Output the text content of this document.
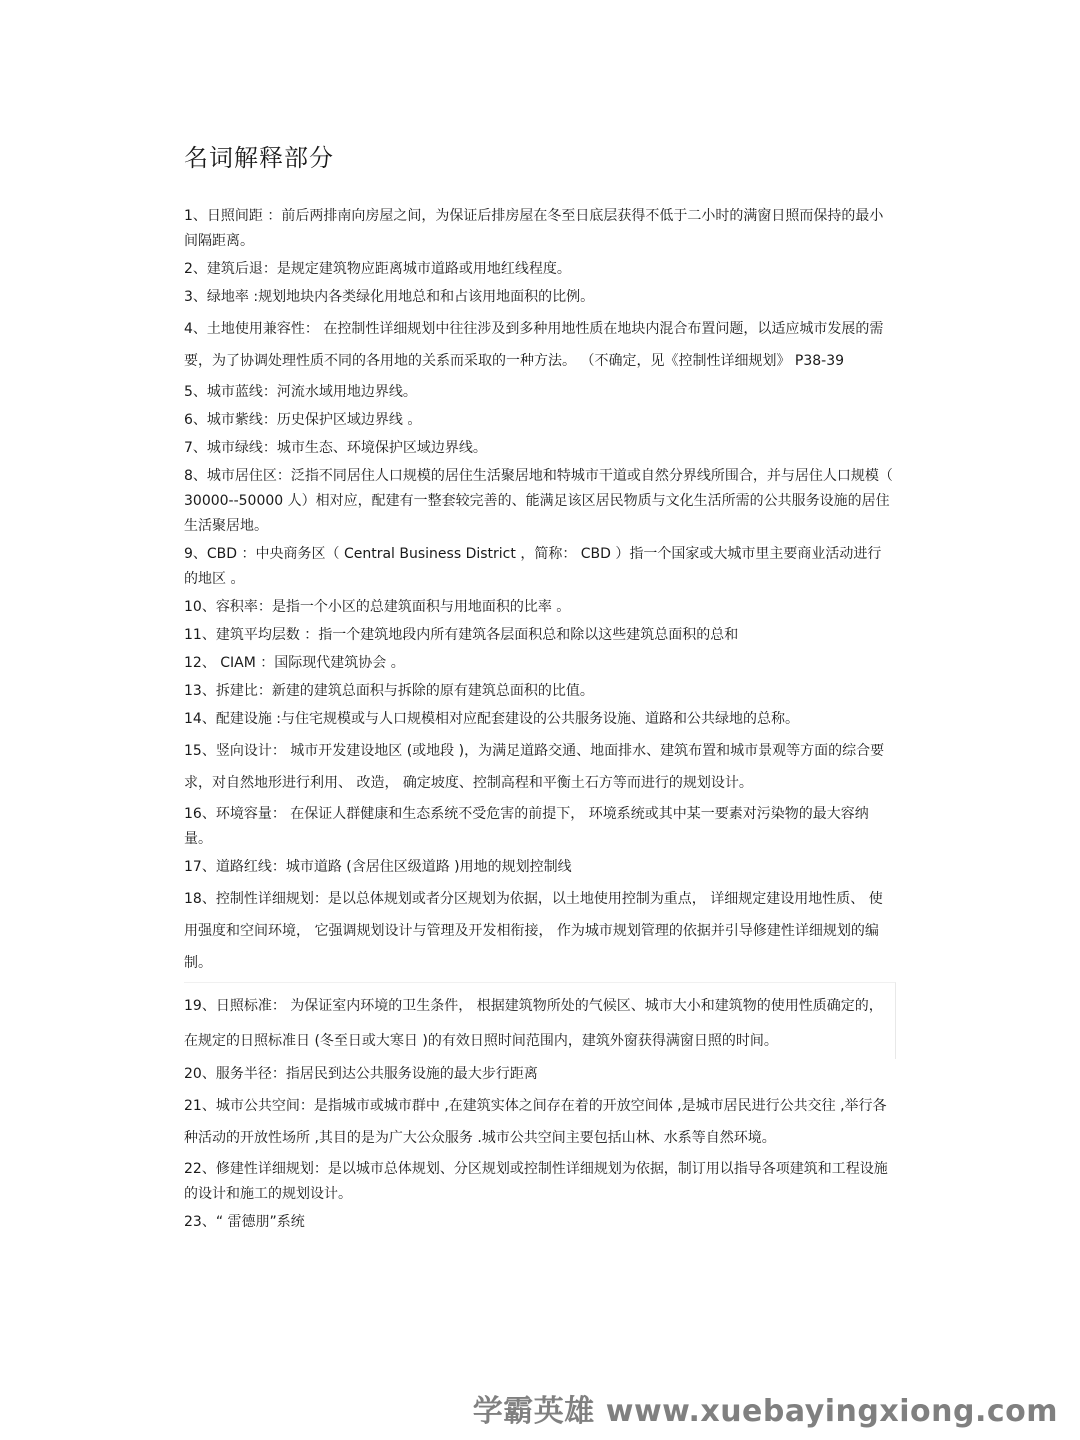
名词解释部分
1、日照间距 ：前后两排南向房屋之间，为保证后排房屋在冬至日底层获得不低于二小时的满窗日照而保持的最小间隔距离。
2、建筑后退：是规定建筑物应距离城市道路或用地红线程度。
3、绿地率 :规划地块内各类绿化用地总和和占该用地面积的比例。
4、土地使用兼容性： 在控制性详细规划中往往涉及到多种用地性质在地块内混合布置问题，以适应城市发展的需要，为了协调处理性质不同的各用地的关系而采取的一种方法。 （不确定，见《控制性详细规划》 P38-39
5、城市蓝线：河流水域用地边界线。
6、城市紫线：历史保护区域边界线 。
7、城市绿线：城市生态、环境保护区域边界线。
8、城市居住区：泛指不同居住人口规模的居住生活聚居地和特城市干道或自然分界线所围合，并与居住人口规模（ 30000--50000 人）相对应，配建有一整套较完善的、能满足该区居民物质与文化生活所需的公共服务设施的居住生活聚居地。
9、CBD ：中央商务区（ Central Business District ，简称： CBD ）指一个国家或大城市里主要商业活动进行的地区 。
10、容积率：是指一个小区的总建筑面积与用地面积的比率 。
11、建筑平均层数 ：指一个建筑地段内所有建筑各层面积总和除以这些建筑总面积的总和
12、 CIAM ：国际现代建筑协会 。
13、拆建比：新建的建筑总面积与拆除的原有建筑总面积的比值。
14、配建设施 :与住宅规模或与人口规模相对应配套建设的公共服务设施、道路和公共绿地的总称。
15、竖向设计： 城市开发建设地区 (或地段 )，为满足道路交通、地面排水、建筑布置和城市景观等方面的综合要求，对自然地形进行利用、 改造， 确定坡度、控制高程和平衡土石方等而进行的规划设计。
16、环境容量： 在保证人群健康和生态系统不受危害的前提下， 环境系统或其中某一要素对污染物的最大容纳量。
17、道路红线：城市道路 (含居住区级道路 )用地的规划控制线
18、控制性详细规划：是以总体规划或者分区规划为依据，以土地使用控制为重点， 详细规定建设用地性质、 使用强度和空间环境， 它强调规划设计与管理及开发相衔接， 作为城市规划管理的依据并引导修建性详细规划的编制。
19、日照标准： 为保证室内环境的卫生条件， 根据建筑物所处的气候区、城市大小和建筑物的使用性质确定的，在规定的日照标准日 (冬至日或大寒日 )的有效日照时间范围内，建筑外窗获得满窗日照的时间。
20、服务半径：指居民到达公共服务设施的最大步行距离
21、城市公共空间：是指城市或城市群中 ,在建筑实体之间存在着的开放空间体 ,是城市居民进行公共交往 ,举行各种活动的开放性场所 ,其目的是为广大公众服务 .城市公共空间主要包括山林、水系等自然环境。
22、修建性详细规划：是以城市总体规划、分区规划或控制性详细规划为依据，制订用以指导各项建筑和工程设施的设计和施工的规划设计。
23、“ 雷德朋”系统
学霸英雄 www.xuebayingxiong.com
